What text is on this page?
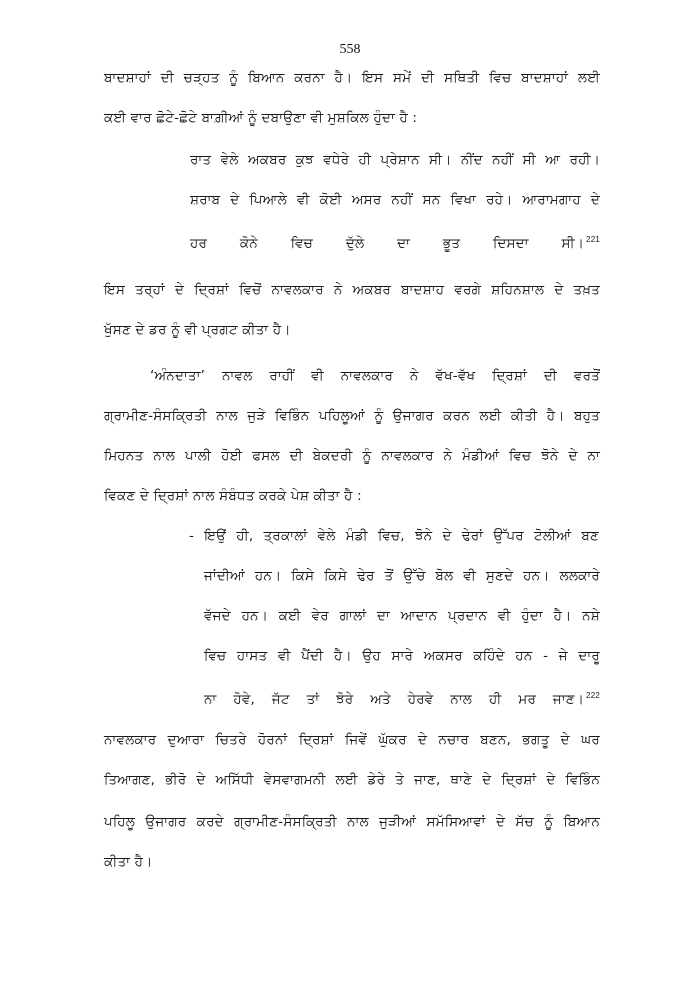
558
ਬਾਦਸ਼ਾਹਾਂ ਦੀ ਚੜ੍ਹਤ ਨੂੰ ਬਿਆਨ ਕਰਨਾ ਹੈ। ਇਸ ਸਮੇਂ ਦੀ ਸਥਿਤੀ ਵਿਚ ਬਾਦਸ਼ਾਹਾਂ ਲਈ
ਕਈ ਵਾਰ ਛੋਟੇ-ਛੋਟੇ ਬਾਗ਼ੀਆਂ ਨੂੰ ਦਬਾਉਣਾ ਵੀ ਮੁਸ਼ਕਿਲ ਹੁੰਦਾ ਹੈ :
ਰਾਤ ਵੇਲੇ ਅਕਬਰ ਕੁਝ ਵਧੇਰੇ ਹੀ ਪ੍ਰੇਸ਼ਾਨ ਸੀ। ਨੀਂਦ ਨਹੀਂ ਸੀ ਆ ਰਹੀ।
ਸ਼ਰਾਬ ਦੇ ਪਿਆਲੇ ਵੀ ਕੋਈ ਅਸਰ ਨਹੀਂ ਸਨ ਵਿਖਾ ਰਹੇ। ਆਰਾਮਗਾਹ ਦੇ
ਹਰ ਕੋਨੇ ਵਿਚ ਦੁੱਲੇ ਦਾ ਭੂਤ ਦਿਸਦਾ ਸੀ। $^{221}$
ਇਸ ਤਰ੍ਹਾਂ ਦੇ ਦ੍ਰਿਸ਼ਾਂ ਵਿਚੋਂ ਨਾਵਲਕਾਰ ਨੇ ਅਕਬਰ ਬਾਦਸ਼ਾਹ ਵਰਗੇ ਸ਼ਹਿਨਸ਼ਾਲ ਦੇ ਤਖ਼ਤ
ਖੁੱਸਣ ਦੇ ਡਰ ਨੂੰ ਵੀ ਪ੍ਰਗਟ ਕੀਤਾ ਹੈ।
‘ਅੰਨਦਾਤਾ’ ਨਾਵਲ ਰਾਹੀਂ ਵੀ ਨਾਵਲਕਾਰ ਨੇ ਵੱਖ-ਵੱਖ ਦ੍ਰਿਸ਼ਾਂ ਦੀ ਵਰਤੋਂ
ਗ੍ਰਾਮੀਣ-ਸੰਸਕ੍ਰਿਤੀ ਨਾਲ ਜੁੜੇ ਵਿਭਿੰਨ ਪਹਿਲੂਆਂ ਨੂੰ ਉਜਾਗਰ ਕਰਨ ਲਈ ਕੀਤੀ ਹੈ। ਬਹੁਤ
ਮਿਹਨਤ ਨਾਲ ਪਾਲੀ ਹੋਈ ਫਸਲ ਦੀ ਬੇਕਦਰੀ ਨੂੰ ਨਾਵਲਕਾਰ ਨੇ ਮੰਡੀਆਂ ਵਿਚ ਝੋਨੇ ਦੇ ਨਾ
ਵਿਕਣ ਦੇ ਦ੍ਰਿਸ਼ਾਂ ਨਾਲ ਸੰਬੰਧਤ ਕਰਕੇ ਪੇਸ਼ ਕੀਤਾ ਹੈ :
- ਇਉਂ ਹੀ, ਤ੍ਰਕਾਲਾਂ ਵੇਲੇ ਮੰਡੀ ਵਿਚ, ਝੋਨੇ ਦੇ ਢੇਰਾਂ ਉੱਪਰ ਟੋਲੀਆਂ ਬਣ
ਜਾਂਦੀਆਂ ਹਨ। ਕਿਸੇ ਕਿਸੇ ਢੇਰ ਤੋਂ ਉੱਚੇ ਬੋਲ ਵੀ ਸੁਣਦੇ ਹਨ। ਲਲਕਾਰੇ
ਵੱਜਦੇ ਹਨ। ਕਈ ਵੇਰ ਗਾਲਾਂ ਦਾ ਆਦਾਨ ਪ੍ਰਦਾਨ ਵੀ ਹੁੰਦਾ ਹੈ। ਨਸ਼ੇ
ਵਿਚ ਹਾਸਤ ਵੀ ਪੈਂਦੀ ਹੈ। ਉਹ ਸਾਰੇ ਅਕਸਰ ਕਹਿੰਦੇ ਹਨ - ਜੇ ਦਾਰੂ
ਨਾ ਹੋਵੇ, ਜੱਟ ਤਾਂ ਝੋਰੇ ਅਤੇ ਹੇਰਵੇ ਨਾਲ ਹੀ ਮਰ ਜਾਣ। $^{222}$
ਨਾਵਲਕਾਰ ਦੁਆਰਾ ਚਿਤਰੇ ਹੋਰਨਾਂ ਦ੍ਰਿਸ਼ਾਂ ਜਿਵੇਂ ਘੁੱਕਰ ਦੇ ਨਚਾਰ ਬਣਨ, ਭਗਤੂ ਦੇ ਘਰ
ਤਿਆਗਣ, ਭੀਰੋ ਦੇ ਅਸਿੱਧੀ ਵੇਸਵਾਗਮਨੀ ਲਈ ਡੇਰੇ ਤੇ ਜਾਣ, ਥਾਣੇ ਦੇ ਦ੍ਰਿਸ਼ਾਂ ਦੇ ਵਿਭਿੰਨ
ਪਹਿਲੂ ਉਜਾਗਰ ਕਰਦੇ ਗ੍ਰਾਮੀਣ-ਸੰਸਕ੍ਰਿਤੀ ਨਾਲ ਜੁੜੀਆਂ ਸਮੱਸਿਆਵਾਂ ਦੇ ਸੱਚ ਨੂੰ ਬਿਆਨ
ਕੀਤਾ ਹੈ।
